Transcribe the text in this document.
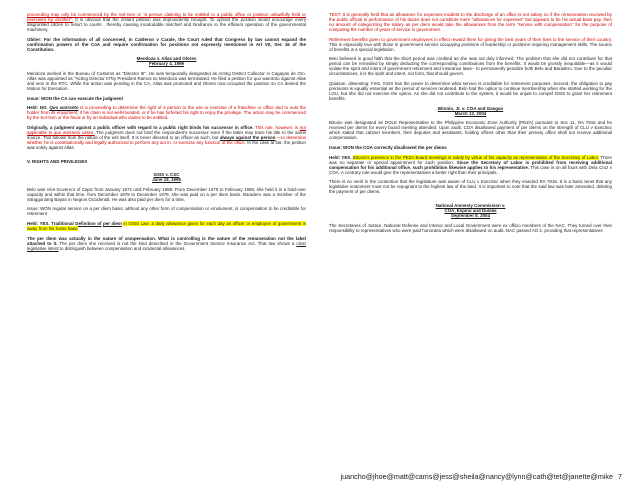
proceeding may only be commenced by the Sol-Gen or "a person claiming to be entitled to a public office or position unlawfully held or exercised by another". It is obvious that the instant petition was improvidently brought. To uphold the position would encourage every disgruntled citizen to resort to courts , thereby causing incalculable mischief and hindrance to the efficient operation of the governmental machinery.

Obiter: For the information of all concerned, in Calderon v Carale, the Court ruled that Congress by law cannot expand the confirmation powers of the CoA and require confirmation for positions not expressly mentioned in Art VII, Sec 16 of the Constitution.

Mendoza v. Allas and Olores

February 4, 1999

Mendoza worked in the Bureau of Customs as "Director III". He was temporarily designated as Acting District Collector in Cagayan de Oro. Allas was appointed as "Acting Director III"by President Ramos so Mendoza was terminated. He filed a petition for quo warranto against Allas and won in the RTC. While the action was pending in the CA, Allas was promoted and Olores now occupied the position so CA denied the Motion for Execution.

Issue: WON the CA can execute the judgment

Held: NO. Quo warranto is a proceeding to determine the right of a person to the use or exercise of a franchise or office and to oust the holder from its enjoyment, if his claim is not well-founded, or if he has forfeited his right to enjoy the privilege. The action may be commenced by the Sol-Gen or the fiscal or by an individual who claims to be entitled.

Originally, a judgment against a public officer with regard to a public right binds his successor in office. This rule, however, is not applicable to quo warranto cases. The judgment does not bind the respondent's successor even if the latter may trace his title to the same source. This follows from the nature of the writ itself. It is never directed to an officer as such, but always against the person —to determine whether he is constitutionally and legally authorized to perform any act in, or exercise any function of the office. In the case at bar, the petition was solely against Allas.

V. RIGHTS AND PRIVILEGES

GSIS v. CSC

June 19, 1995

Belo was Vice-Governor of Capiz from January 1972 until February 1988. From December 1979 to February 1988, she held it in a hold-over capacity and within that time, from December 1978 to December 1979, she was paid on a per diem basis. Baradero was a member of the Sangguniang Bayan in Negros Occidental. He was also paid per diem for a time.

Issue: WON regular service on a per diem basis, without any other form of compensation or emolument, is compensation to be creditable for retirement

Held: YES. Traditional Definition of per diem in GSIS Law: a daily allowance given for each day an officer or employee of government is away from his home base

The per diem was actually in the nature of compensation. What is controlling is the nature of the remuneration not the label attached to it. The per diem she received is not the kind described in the Government Service Insurance Act. That law shows a clear legislative intent to distinguish between compensation and incidental allowances.

TEST: It is generally held that an allowance for expenses incident to the discharge of an office is not salary so if the remuneration received by the public official in performance of his duties does not constitute mere "allowances for expenses" but appears to be his actual base pay, then no amount of categorizing the salary as per diem would take the allowances from the term "service with compensation" for the purpose of computing the number of years of service in government.

Retirement benefits given to government employees in effect reward them for giving the best years of their lives to the service of their country. This is especially true with those in government service occupying positions of leadership or positions requiring management skills. The source of benefits is a special legislation.

Belo believed in good faith that the short period was credited as she was not duly informed. The problem that she did not contribute for that period can be remedied by simply deducting the corresponding contributions from the benefits. It would be grossly inequitable—as it would violate the spirit and intent of government retirement and insurance laws-- to permanently penalize both Belo and Baradero. Due to the peculiar circumstances, it is the spirit and intent, not form, that should govern.

Quiason, dissenting: First, GSIS has the power to determine what service is creditable for retirement purposes. Second, the obligation to pay premiums is equally essential as the period of services rendered. Belo had the option to continue membership when she started working for the LGU, but she did not exercise the option. As she did not contribute to the system, it would be unjust to compel GSIS to grant her retirement benefits.

Bitonio, Jr. v. COA and Gangan

March 12, 2004

Bitonio was designated as DOLE Representative to the Philippine Economic Zone Authority (PEZA) pursuant to Sec 11, RA 7916 and he received per diems for every board meeting attended. Upon audit, COA disallowed payment of per diems on the strength of CLU v ExecSec which stated that cabinet members, their deputies and assistants, holding offices other than their primary office shall not receive additional compensation.

Issue: WON the COA correctly disallowed the per diems

Held: YES. Bitonio's presence in the PEZA Board meetings is solely by virtue of his capacity as representative of the Secretary of Labor. There was no separate or special appointment for such position. Since the Secretary of Labor is prohibited from receiving additional compensation for his additional office, such prohibition likewise applies to his representative. This case is on all fours with Dela Cruz v COA. A contrary rule would give the representatives a better right than their principals.

There is no merit in the contention that the legislature was aware of CLU v ExecSec when they enacted RA 7916. It is a basic tenet that any legislative enactment must not be repugnant to the highest law of the land. It is important to note that the said law was later amended, deleting the payment of per diems.

National Amnesty Commission v.

COA, Espino and Dulalia

September 8, 2004

The Secretaries of Justice, National Defense and Interior and Local Government were ex officio members of the NAC. They turned over their responsibility to representatives who were paid honoraria which were disallowed on audit. NAC passed AO 2, providing that representatives

juancho@jhoe@matt@cams@jess@sheila@nancy@lynn@cath@tet@janette@mike 7
